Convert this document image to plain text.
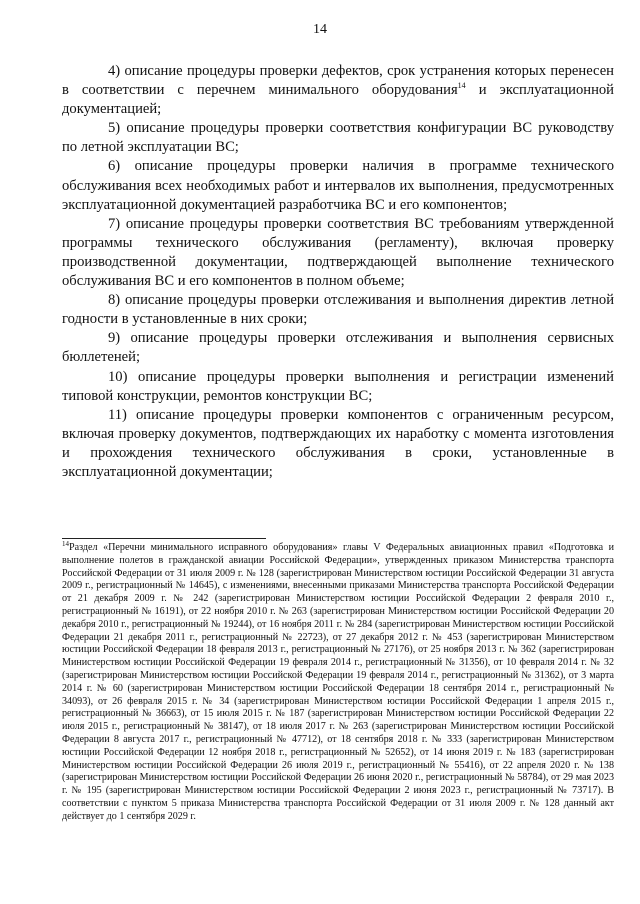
14

4) описание процедуры проверки дефектов, срок устранения которых перенесен в соответствии с перечнем минимального оборудования$^{14}$ и эксплуатационной документацией;

5) описание процедуры проверки соответствия конфигурации ВС руководству по летной эксплуатации ВС;

6) описание процедуры проверки наличия в программе технического обслуживания всех необходимых работ и интервалов их выполнения, предусмотренных эксплуатационной документацией разработчика ВС и его компонентов;

7) описание процедуры проверки соответствия ВС требованиям утвержденной программы технического обслуживания (регламенту), включая проверку производственной документации, подтверждающей выполнение технического обслуживания ВС и его компонентов в полном объеме;

8) описание процедуры проверки отслеживания и выполнения директив летной годности в установленные в них сроки;

9) описание процедуры проверки отслеживания и выполнения сервисных бюллетеней;

10) описание процедуры проверки выполнения и регистрации изменений типовой конструкции, ремонтов конструкции ВС;

11) описание процедуры проверки компонентов с ограниченным ресурсом, включая проверку документов, подтверждающих их наработку с момента изготовления и прохождения технического обслуживания в сроки, установленные в эксплуатационной документации;

$^{14}$Раздел «Перечни минимального исправного оборудования» главы V Федеральных авиационных правил «Подготовка и выполнение полетов в гражданской авиации Российской Федерации», утвержденных приказом Министерства транспорта Российской Федерации от 31 июля 2009 г. № 128 (зарегистрирован Министерством юстиции Российской Федерации 31 августа 2009 г., регистрационный № 14645), с изменениями, внесенными приказами Министерства транспорта Российской Федерации от 21 декабря 2009 г. № 242 (зарегистрирован Министерством юстиции Российской Федерации 2 февраля 2010 г., регистрационный № 16191), от 22 ноября 2010 г. № 263 (зарегистрирован Министерством юстиции Российской Федерации 20 декабря 2010 г., регистрационный № 19244), от 16 ноября 2011 г. № 284 (зарегистрирован Министерством юстиции Российской Федерации 21 декабря 2011 г., регистрационный № 22723), от 27 декабря 2012 г. № 453 (зарегистрирован Министерством юстиции Российской Федерации 18 февраля 2013 г., регистрационный № 27176), от 25 ноября 2013 г. № 362 (зарегистрирован Министерством юстиции Российской Федерации 19 февраля 2014 г., регистрационный № 31356), от 10 февраля 2014 г. № 32 (зарегистрирован Министерством юстиции Российской Федерации 19 февраля 2014 г., регистрационный № 31362), от 3 марта 2014 г. № 60 (зарегистрирован Министерством юстиции Российской Федерации 18 сентября 2014 г., регистрационный № 34093), от 26 февраля 2015 г. № 34 (зарегистрирован Министерством юстиции Российской Федерации 1 апреля 2015 г., регистрационный № 36663), от 15 июля 2015 г. № 187 (зарегистрирован Министерством юстиции Российской Федерации 22 июля 2015 г., регистрационный № 38147), от 18 июля 2017 г. № 263 (зарегистрирован Министерством юстиции Российской Федерации 8 августа 2017 г., регистрационный № 47712), от 18 сентября 2018 г. № 333 (зарегистрирован Министерством юстиции Российской Федерации 12 ноября 2018 г., регистрационный № 52652), от 14 июня 2019 г. № 183 (зарегистрирован Министерством юстиции Российской Федерации 26 июля 2019 г., регистрационный № 55416), от 22 апреля 2020 г. № 138 (зарегистрирован Министерством юстиции Российской Федерации 26 июня 2020 г., регистрационный № 58784), от 29 мая 2023 г. № 195 (зарегистрирован Министерством юстиции Российской Федерации 2 июня 2023 г., регистрационный № 73717). В соответствии с пунктом 5 приказа Министерства транспорта Российской Федерации от 31 июля 2009 г. № 128 данный акт действует до 1 сентября 2029 г.
